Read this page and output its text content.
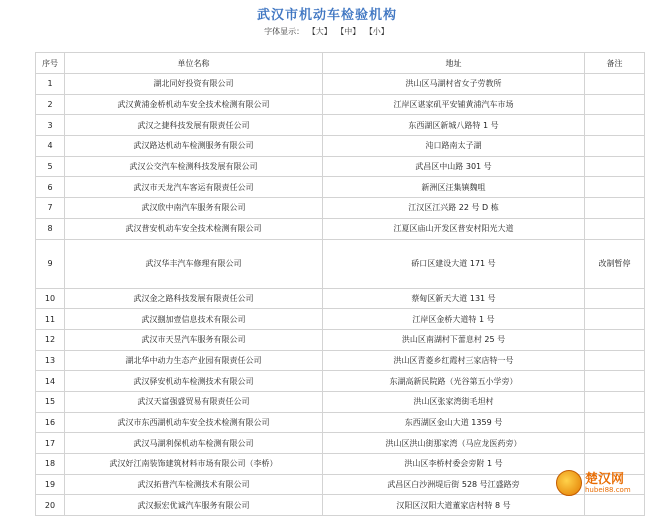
武汉市机动车检验机构
字体显示： 【大】 【中】 【小】
序号	单位名称	地址	备注
1	湖北同好投资有限公司	洪山区马湖村省女子劳教所	
2	武汉黄浦金桥机动车安全技术检测有限公司	江岸区谌家矶平安铺黄浦汽车市场	
3	武汉之捷科技发展有限责任公司	东西湖区新城八路特 1 号	
4	武汉路达机动车检测服务有限公司	沌口路南太子湖	
5	武汉公交汽车检测科技发展有限公司	武昌区中山路 301 号	
6	武汉市天龙汽车客运有限责任公司	新洲区汪集镇魏咀	
7	武汉欣中南汽车服务有限公司	江汉区江兴路 22 号 D 栋	
8	武汉普安机动车安全技术检测有限公司	江夏区庙山开发区普安村阳光大道	
9	武汉华丰汽车修理有限公司	硚口区建设大道 171 号	改制暂停
10	武汉金之路科技发展有限责任公司	蔡甸区新天大道 131 号	
11	武汉捌加壹信息技术有限公司	江岸区金桥大道特 1 号	
12	武汉市天昱汽车服务有限公司	洪山区南湖村下蕾息村 25 号	
13	湖北华中动力生态产业园有限责任公司	洪山区青菱乡红霞村三家店特一号	
14	武汉驿安机动车检测技术有限公司	东湖高新民院路（光谷第五小学旁）	
15	武汉天富强盛贸易有限责任公司	洪山区张家湾街毛坦村	
16	武汉市东西湖机动车安全技术检测有限公司	东西湖区金山大道 1359 号	
17	武汉马湖利保机动车检测有限公司	洪山区洪山街那家湾（马应龙医药旁）	
18	武汉好江南装饰建筑材料市场有限公司（李桥）	洪山区李桥村委会旁附 1 号	
19	武汉拓普汽车检测技术有限公司	武昌区白沙洲堤后街 528 号江盛路旁	
20	武汉振宏优诚汽车服务有限公司	汉阳区汉阳大道董家店村特 8 号	
楚汉网
hubei88.com
